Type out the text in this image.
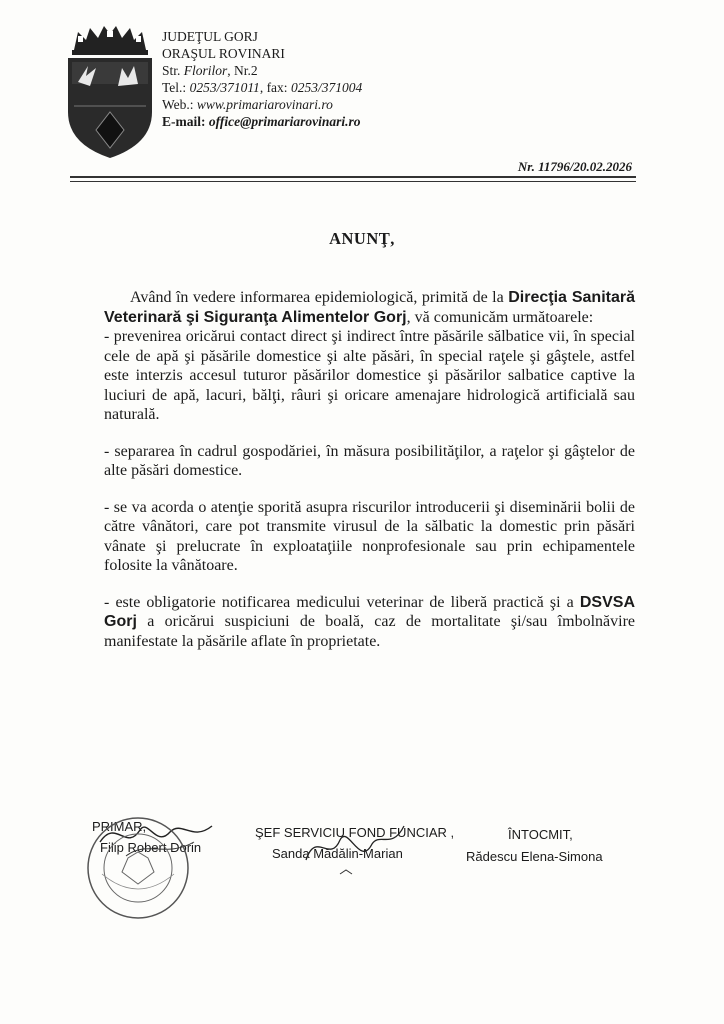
JUDEŢUL GORJ
ORAŞUL ROVINARI
Str. Florilor, Nr.2
Tel.: 0253/371011, fax: 0253/371004
Web.: www.primariarovinari.ro
E-mail: office@primariarovinari.ro
Nr. 11796/20.02.2026
ANUNŢ,

Având în vedere informarea epidemiologică, primită de la Direcţia Sanitară Veterinară şi Siguranţa Alimentelor Gorj, vă comunicăm următoarele:

- prevenirea oricărui contact direct şi indirect între păsările sălbatice vii, în special cele de apă şi păsările domestice şi alte păsări, în special raţele şi gâştele, astfel este interzis accesul tuturor păsărilor domestice şi păsărilor salbatice captive la luciuri de apă, lacuri, bălţi, râuri şi oricare amenajare hidrologică artificială sau naturală.

- separarea în cadrul gospodăriei, în măsura posibilităţilor, a raţelor şi gâştelor de alte păsări domestice.

- se va acorda o atenţie sporită asupra riscurilor introducerii şi diseminării bolii de către vânători, care pot transmite virusul de la sălbatic la domestic prin păsări vânate şi prelucrate în exploataţiile nonprofesionale sau prin echipamentele folosite la vânătoare.

- este obligatorie notificarea medicului veterinar de liberă practică şi a DSVSA Gorj a oricărui suspiciuni de boală, caz de mortalitate şi/sau îmbolnăvire manifestate la păsările aflate în proprietate.

PRIMAR,
Filip Robert Dorin
ŞEF SERVICIU FOND FUNCIAR ,
Sanda Mădălin-Marian
ÎNTOCMIT,
Rădescu Elena-Simona
